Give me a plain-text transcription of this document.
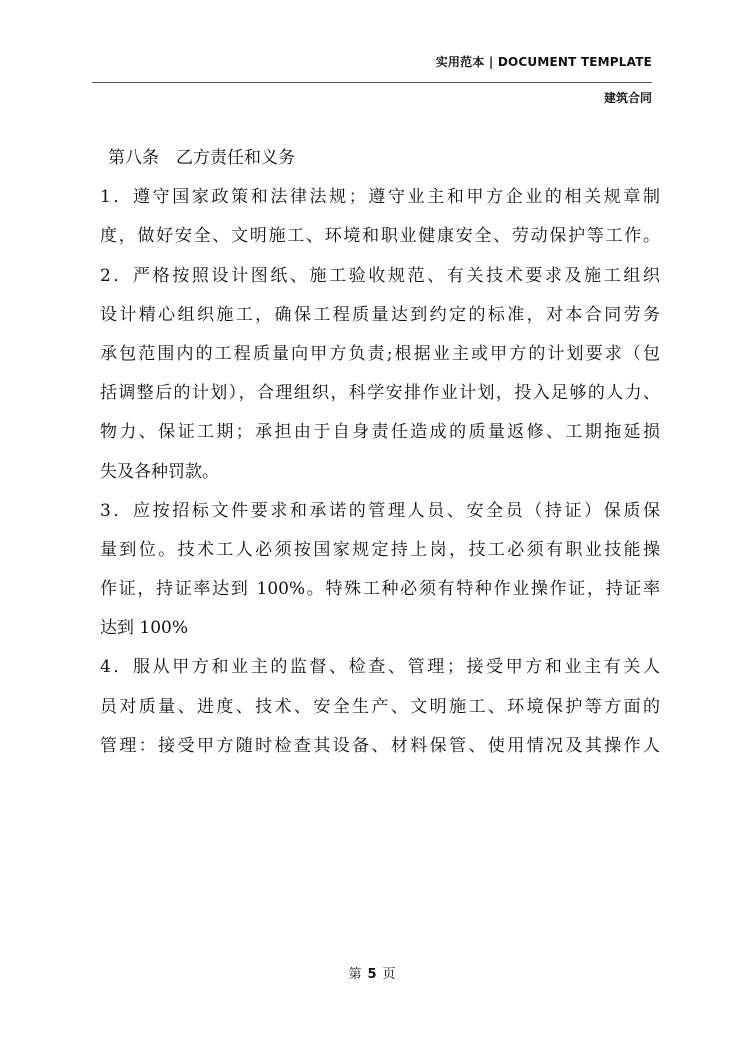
实用范本 | DOCUMENT TEMPLATE
建筑合同
第八条　乙方责任和义务
1．遵守国家政策和法律法规；遵守业主和甲方企业的相关规章制
度，做好安全、文明施工、环境和职业健康安全、劳动保护等工作。
2．严格按照设计图纸、施工验收规范、有关技术要求及施工组织
设计精心组织施工，确保工程质量达到约定的标准，对本合同劳务
承包范围内的工程质量向甲方负责;根据业主或甲方的计划要求（包
括调整后的计划），合理组织，科学安排作业计划，投入足够的人力、
物力、保证工期；承担由于自身责任造成的质量返修、工期拖延损
失及各种罚款。
3．应按招标文件要求和承诺的管理人员、安全员（持证）保质保
量到位。技术工人必须按国家规定持上岗，技工必须有职业技能操
作证，持证率达到 100%。特殊工种必须有特种作业操作证，持证率
达到 100%
4．服从甲方和业主的监督、检查、管理；接受甲方和业主有关人
员对质量、进度、技术、安全生产、文明施工、环境保护等方面的
管理：接受甲方随时检查其设备、材料保管、使用情况及其操作人
第 5 页
